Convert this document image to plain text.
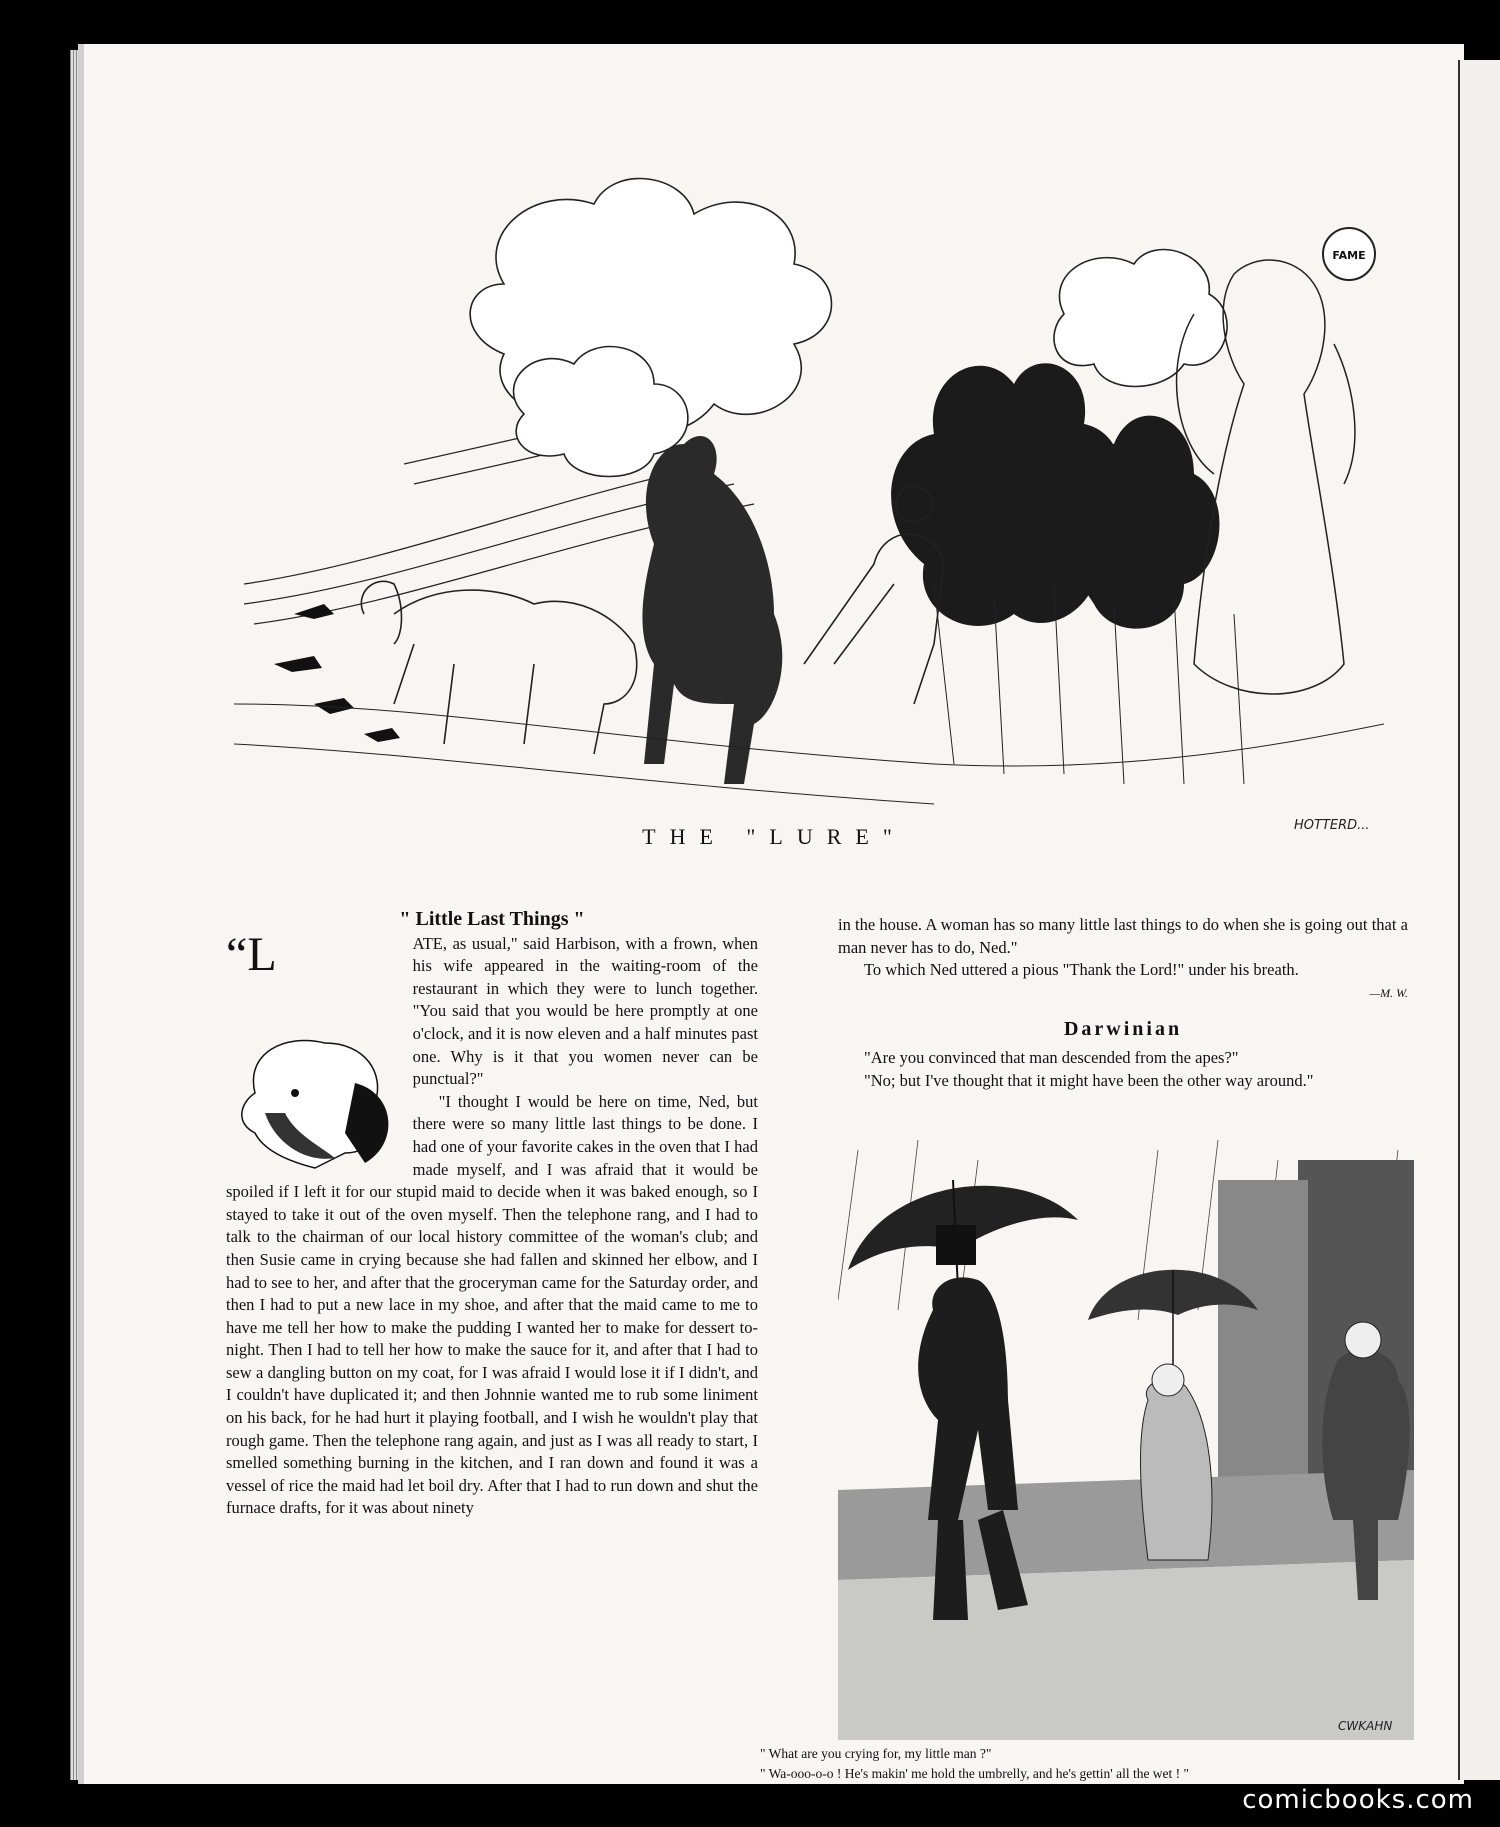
FAME
HOTTERD...
THE "LURE"
" Little Last Things "

“L	ATE, as usual," said Harbison, with a frown, when his wife appeared in the waiting-room of the restaurant in which they were to lunch together. "You said that you would be here promptly at one o'clock, and it is now eleven and a half minutes past one. Why is it that you women never can be punctual?"

"I thought I would be here on time, Ned, but there were so many little last things to be done. I had one of your favorite cakes in the oven that I had made myself, and I was afraid that it would be spoiled if I left it for our stupid maid to decide when it was baked enough, so I stayed to take it out of the oven myself. Then the telephone rang, and I had to talk to the chairman of our local history committee of the woman's club; and then Susie came in crying because she had fallen and skinned her elbow, and I had to see to her, and after that the groceryman came for the Saturday order, and then I had to put a new lace in my shoe, and after that the maid came to me to have me tell her how to make the pudding I wanted her to make for dessert to-night. Then I had to tell her how to make the sauce for it, and after that I had to sew a dangling button on my coat, for I was afraid I would lose it if I didn't, and I couldn't have duplicated it; and then Johnnie wanted me to rub some liniment on his back, for he had hurt it playing football, and I wish he wouldn't play that rough game. Then the telephone rang again, and just as I was all ready to start, I smelled something burning in the kitchen, and I ran down and found it was a vessel of rice the maid had let boil dry. After that I had to run down and shut the furnace drafts, for it was about ninety

in the house. A woman has so many little last things to do when she is going out that a man never has to do, Ned."

To which Ned uttered a pious "Thank the Lord!" under his breath.

—M. W.
Darwinian

"Are you convinced that man descended from the apes?"

"No; but I've thought that it might have been the other way around."

CWKAHN
" What are you crying for, my little man ?"
" Wa-ooo-o-o ! He's makin' me hold the umbrelly, and he's gettin' all the wet ! "
comicbooks.com
